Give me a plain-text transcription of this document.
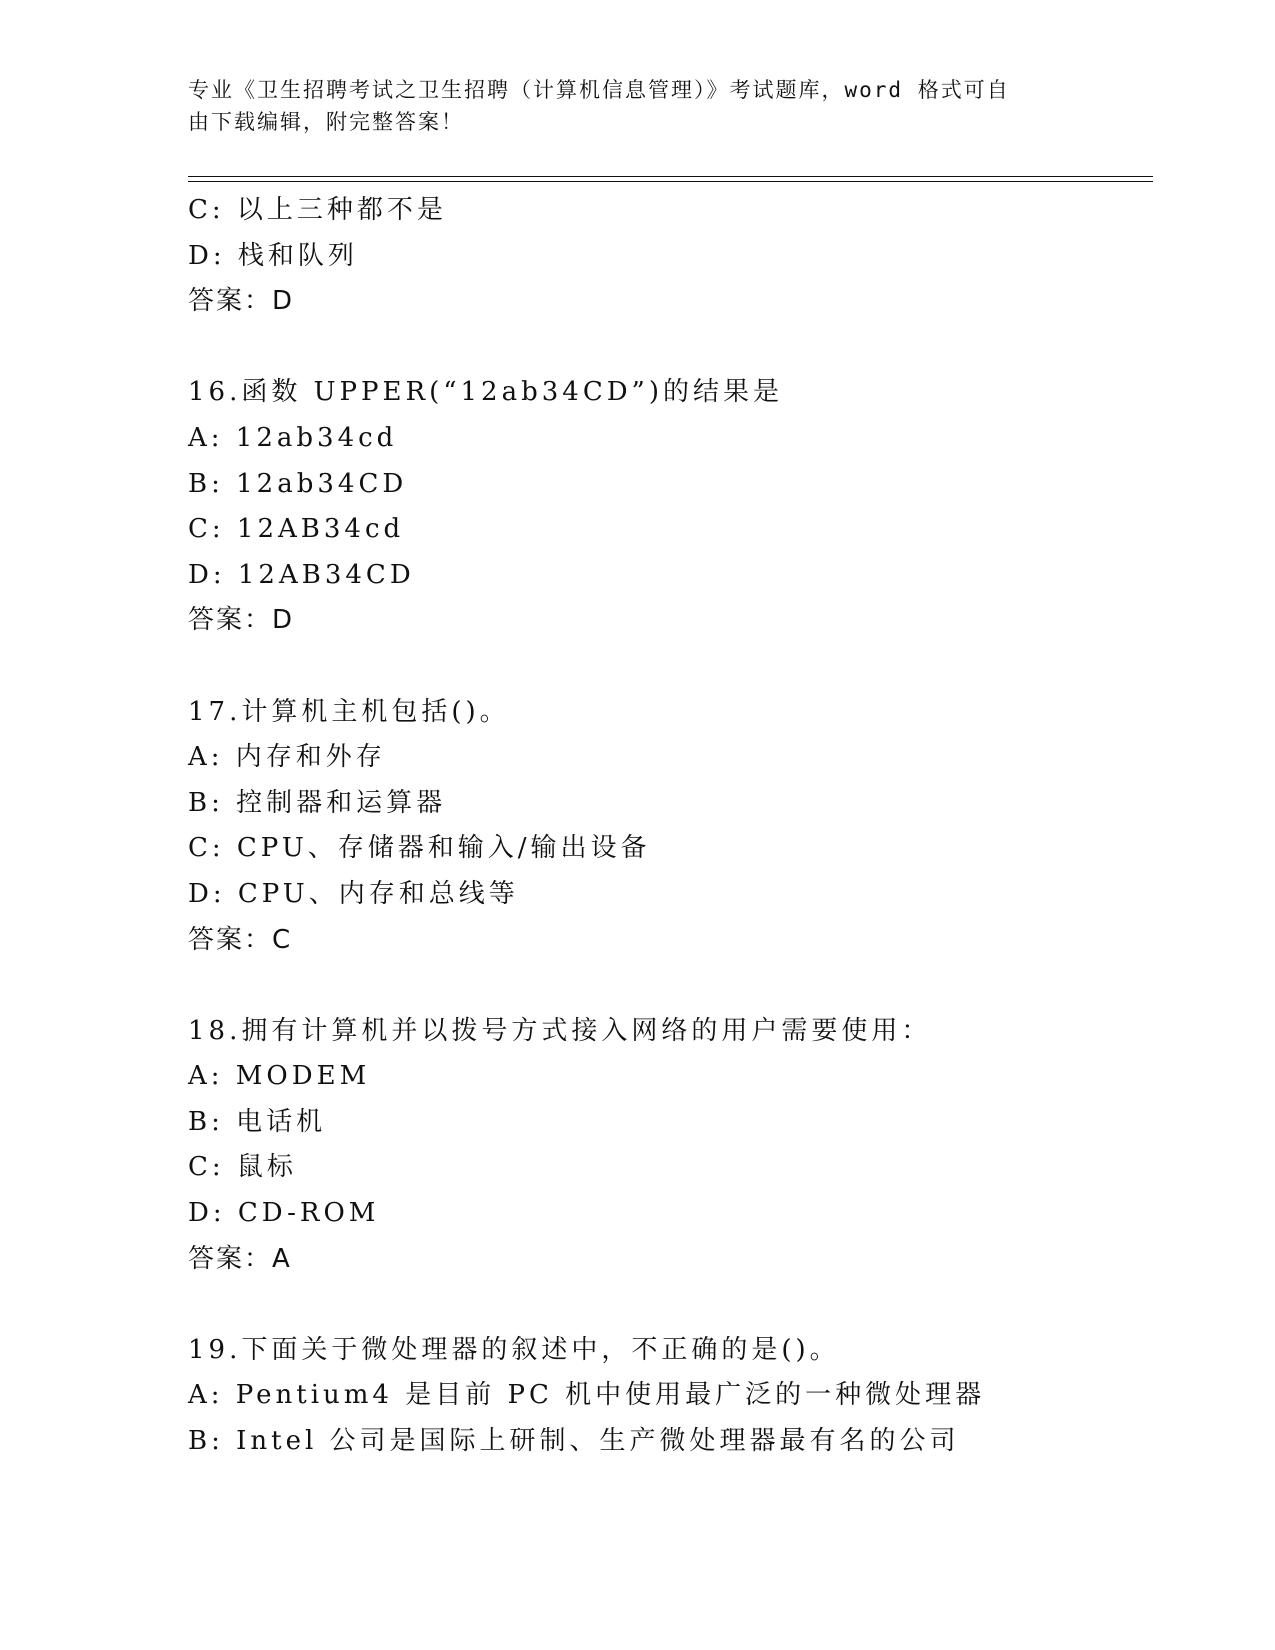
专业《卫生招聘考试之卫生招聘（计算机信息管理）》考试题库，word 格式可自
由下载编辑，附完整答案！
C: 以上三种都不是
D: 栈和队列
答案：D
16.函数 UPPER(“12ab34CD”)的结果是
A: 12ab34cd
B: 12ab34CD
C: 12AB34cd
D: 12AB34CD
答案：D
17.计算机主机包括()。
A: 内存和外存
B: 控制器和运算器
C: CPU、存储器和输入/输出设备
D: CPU、内存和总线等
答案：C
18.拥有计算机并以拨号方式接入网络的用户需要使用：
A: MODEM
B: 电话机
C: 鼠标
D: CD-ROM
答案：A
19.下面关于微处理器的叙述中，不正确的是()。
A: Pentium4 是目前 PC 机中使用最广泛的一种微处理器
B: Intel 公司是国际上研制、生产微处理器最有名的公司
